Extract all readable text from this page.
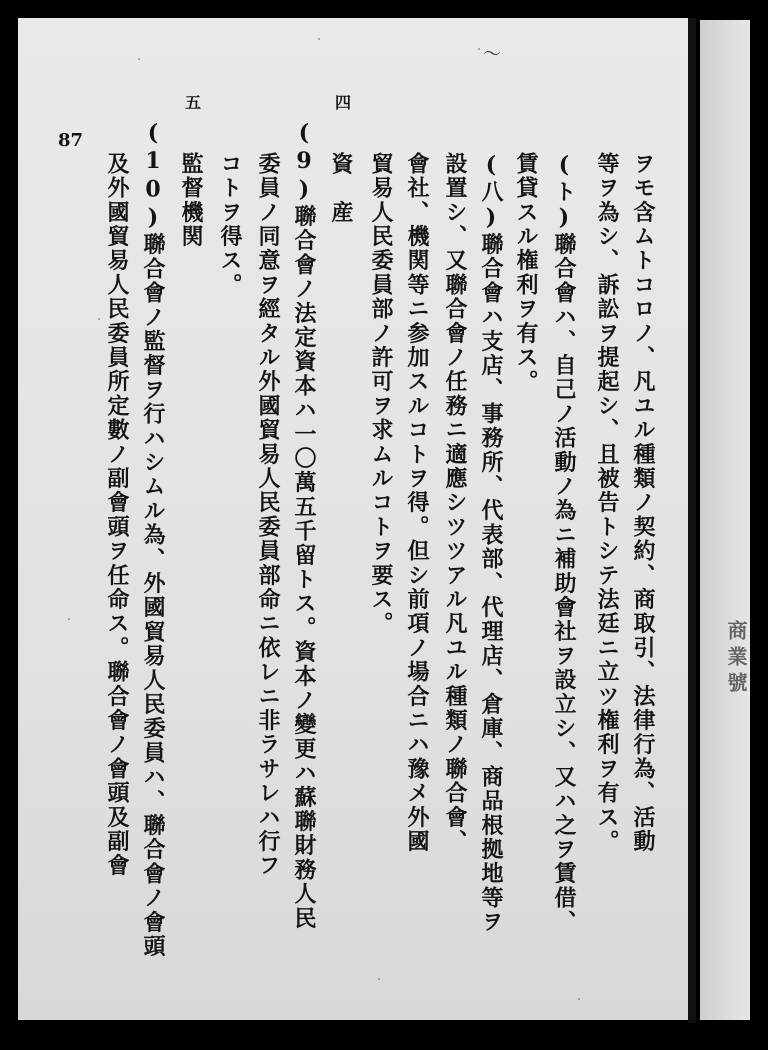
商業號
〜
87
四
五
ヲモ含ムトコロノ、凡ユル種類ノ契約、商取引、法律行為、活動
等ヲ為シ、訴訟ヲ提起シ、且被告トシテ法廷ニ立ツ権利ヲ有ス。
(ト)聯合會ハ、自己ノ活動ノ為ニ補助會社ヲ設立シ、又ハ之ヲ賃借、
賃貸スル権利ヲ有ス。
(八)聯合會ハ支店、事務所、代表部、代理店、倉庫、商品根拠地等ヲ
設置シ、又聯合會ノ任務ニ適應シツツアル凡ユル種類ノ聯合會、
會社、機関等ニ参加スルコトヲ得。但シ前項ノ場合ニハ豫メ外國
貿易人民委員部ノ許可ヲ求ムルコトヲ要ス。
資　産
(9)聯合會ノ法定資本ハ一〇萬五千留トス。資本ノ變更ハ蘇聯財務人民
委員ノ同意ヲ經タル外國貿易人民委員部命ニ依レニ非ラサレハ行フ
コトヲ得ス。
監督機関
(10)聯合會ノ監督ヲ行ハシムル為、外國貿易人民委員ハ、聯合會ノ會頭
及外國貿易人民委員所定數ノ副會頭ヲ任命ス。聯合會ノ會頭及副會
